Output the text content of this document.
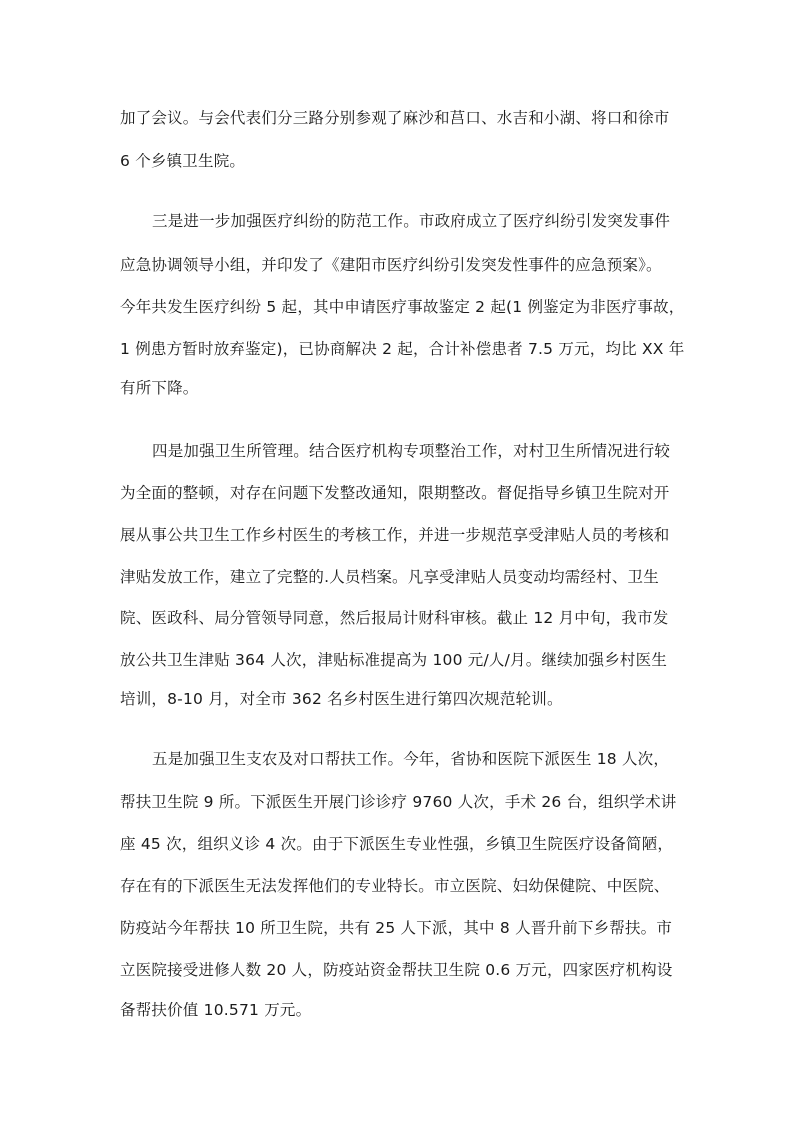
加了会议。与会代表们分三路分别参观了麻沙和莒口、水吉和小湖、将口和徐市
6 个乡镇卫生院。
三是进一步加强医疗纠纷的防范工作。市政府成立了医疗纠纷引发突发事件
应急协调领导小组，并印发了《建阳市医疗纠纷引发突发性事件的应急预案》。
今年共发生医疗纠纷 5 起，其中申请医疗事故鉴定 2 起(1 例鉴定为非医疗事故，
1 例患方暂时放弃鉴定)，已协商解决 2 起，合计补偿患者 7.5 万元，均比 XX 年
有所下降。
四是加强卫生所管理。结合医疗机构专项整治工作，对村卫生所情况进行较
为全面的整顿，对存在问题下发整改通知，限期整改。督促指导乡镇卫生院对开
展从事公共卫生工作乡村医生的考核工作，并进一步规范享受津贴人员的考核和
津贴发放工作，建立了完整的.人员档案。凡享受津贴人员变动均需经村、卫生
院、医政科、局分管领导同意，然后报局计财科审核。截止 12 月中旬，我市发
放公共卫生津贴 364 人次，津贴标准提高为 100 元/人/月。继续加强乡村医生
培训，8-10 月，对全市 362 名乡村医生进行第四次规范轮训。
五是加强卫生支农及对口帮扶工作。今年，省协和医院下派医生 18 人次，
帮扶卫生院 9 所。下派医生开展门诊诊疗 9760 人次，手术 26 台，组织学术讲
座 45 次，组织义诊 4 次。由于下派医生专业性强，乡镇卫生院医疗设备简陋，
存在有的下派医生无法发挥他们的专业特长。市立医院、妇幼保健院、中医院、
防疫站今年帮扶 10 所卫生院，共有 25 人下派，其中 8 人晋升前下乡帮扶。市
立医院接受进修人数 20 人，防疫站资金帮扶卫生院 0.6 万元，四家医疗机构设
备帮扶价值 10.571 万元。
